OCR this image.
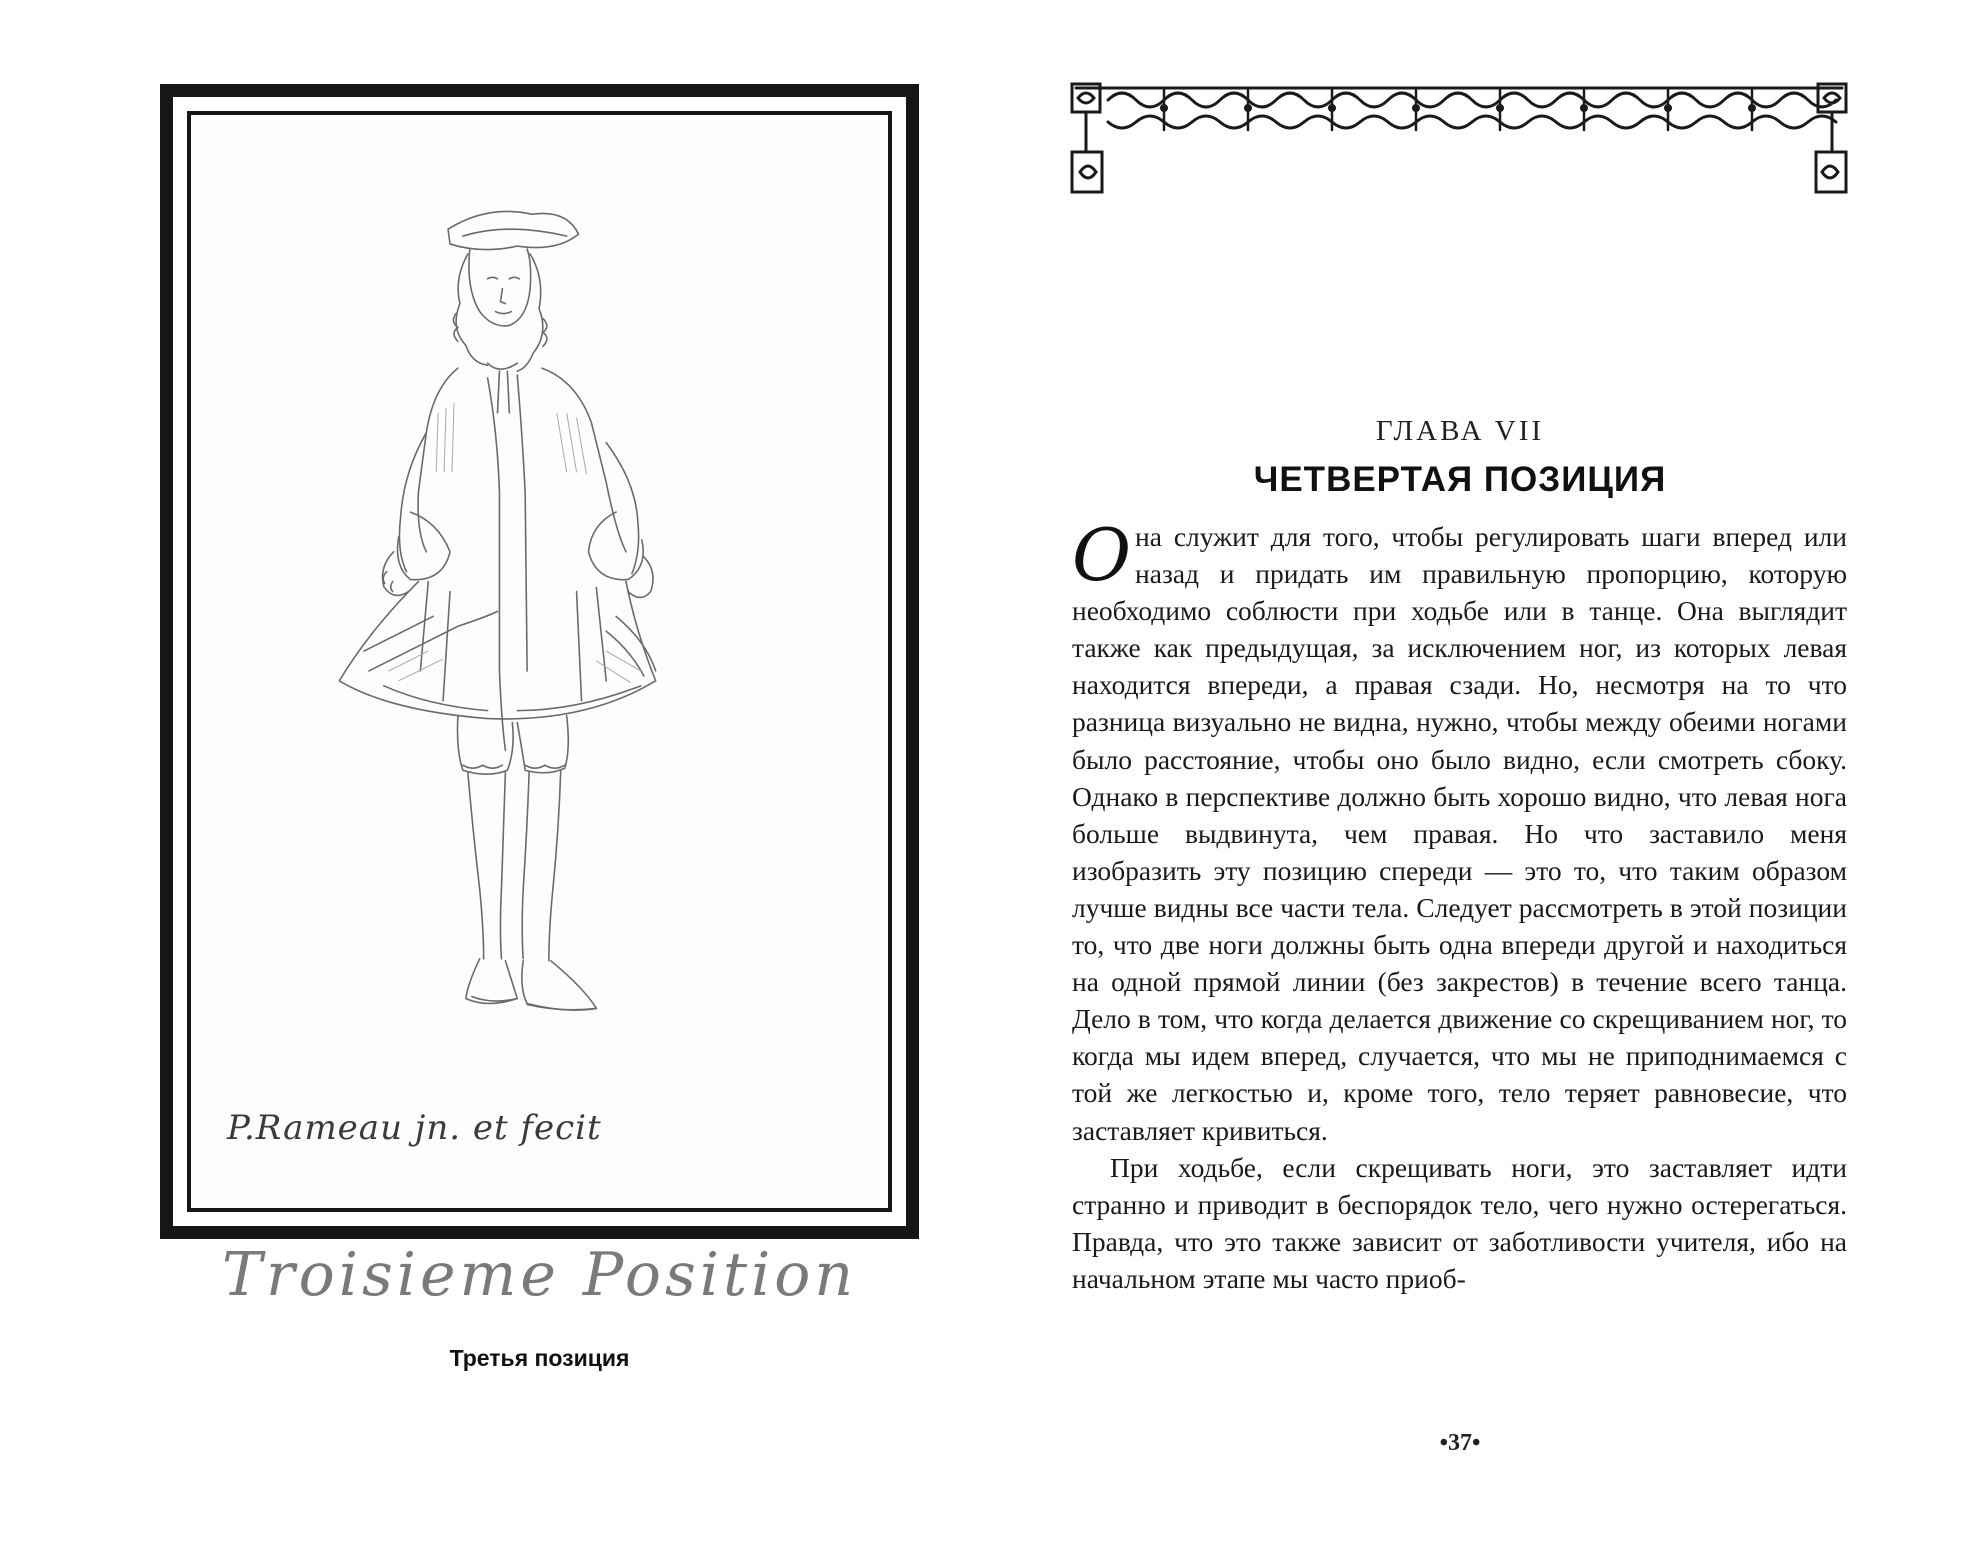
P.Rameau jn. et fecit
Troisieme Position
Третья позиция
ГЛАВА VII
ЧЕТВЕРТАЯ ПОЗИЦИЯ

Она служит для того, чтобы регулировать шаги вперед или назад и придать им правильную пропорцию, которую необходимо соблюсти при ходьбе или в танце. Она выглядит также как предыдущая, за исключением ног, из которых левая находится впереди, а правая сзади. Но, несмотря на то что разница визуально не видна, нужно, чтобы между обеими ногами было расстояние, чтобы оно было видно, если смотреть сбоку. Однако в перспективе должно быть хорошо видно, что левая нога больше выдвинута, чем правая. Но что заставило меня изобразить эту позицию спереди — это то, что таким образом лучше видны все части тела. Следует рассмотреть в этой позиции то, что две ноги должны быть одна впереди другой и находиться на одной прямой линии (без закрестов) в течение всего танца. Дело в том, что когда делается движение со скрещиванием ног, то когда мы идем вперед, случается, что мы не приподнимаемся с той же легкостью и, кроме того, тело теряет равновесие, что заставляет кривиться.

При ходьбе, если скрещивать ноги, это заставляет идти странно и приводит в беспорядок тело, чего нужно остерегаться. Правда, что это также зависит от заботливости учителя, ибо на начальном этапе мы часто приоб-

•37•
